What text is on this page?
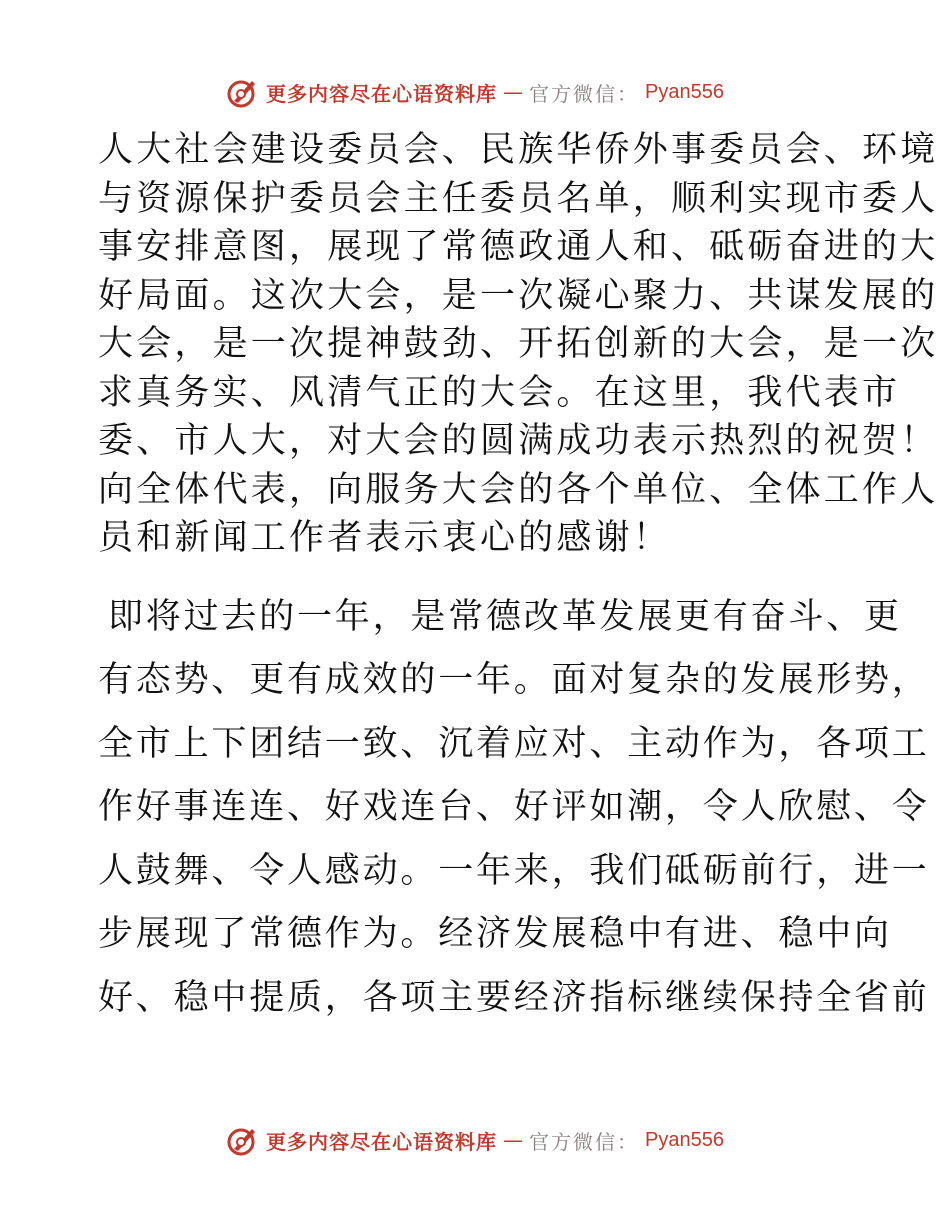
更多内容尽在心语资料库 — 官方微信： Pyan556

人大社会建设委员会、民族华侨外事委员会、环境
与资源保护委员会主任委员名单，顺利实现市委人
事安排意图，展现了常德政通人和、砥砺奋进的大
好局面。这次大会，是一次凝心聚力、共谋发展的
大会，是一次提神鼓劲、开拓创新的大会，是一次
求真务实、风清气正的大会。在这里，我代表市
委、市人大，对大会的圆满成功表示热烈的祝贺！
向全体代表，向服务大会的各个单位、全体工作人
员和新闻工作者表示衷心的感谢！

即将过去的一年，是常德改革发展更有奋斗、更
有态势、更有成效的一年。面对复杂的发展形势，
全市上下团结一致、沉着应对、主动作为，各项工
作好事连连、好戏连台、好评如潮，令人欣慰、令
人鼓舞、令人感动。一年来，我们砥砺前行，进一
步展现了常德作为。经济发展稳中有进、稳中向
好、稳中提质，各项主要经济指标继续保持全省前

更多内容尽在心语资料库 — 官方微信： Pyan556
